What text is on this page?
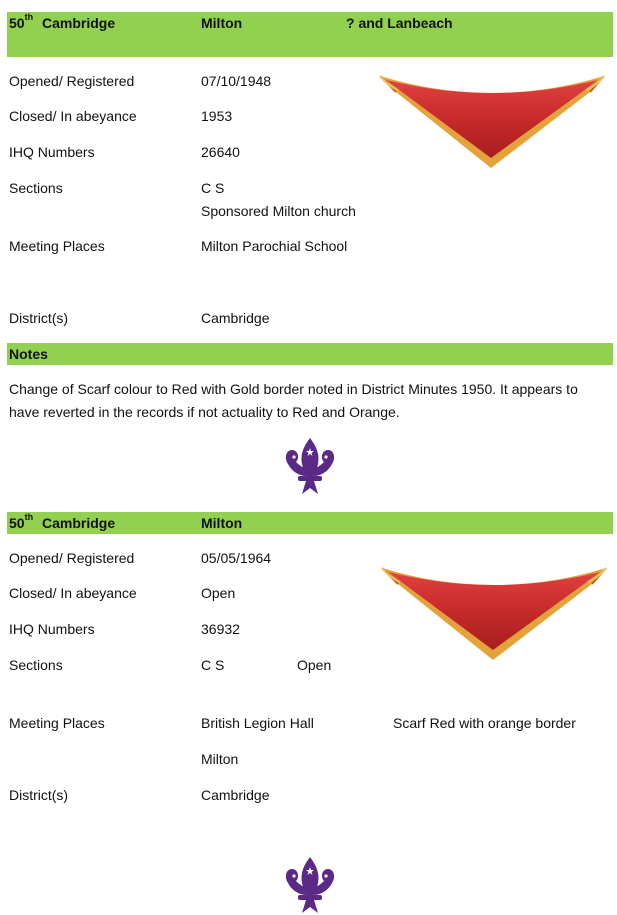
50th Cambridge	Milton	? and Lanbeach
Opened/ Registered	07/10/1948
Closed/ In abeyance	1953
IHQ Numbers	26640
Sections	C S
Sponsored Milton church
Meeting Places	Milton Parochial School
District(s)	Cambridge
Notes
Change of Scarf colour to Red with Gold border noted in District Minutes 1950. It appears to have reverted in the records if not actuality to Red and Orange.
50th Cambridge	Milton
Opened/ Registered	05/05/1964
Closed/ In abeyance	Open
IHQ Numbers	36932
Sections	C S	Open
Meeting Places	British Legion Hall	Scarf Red with orange border
Milton
District(s)	Cambridge
